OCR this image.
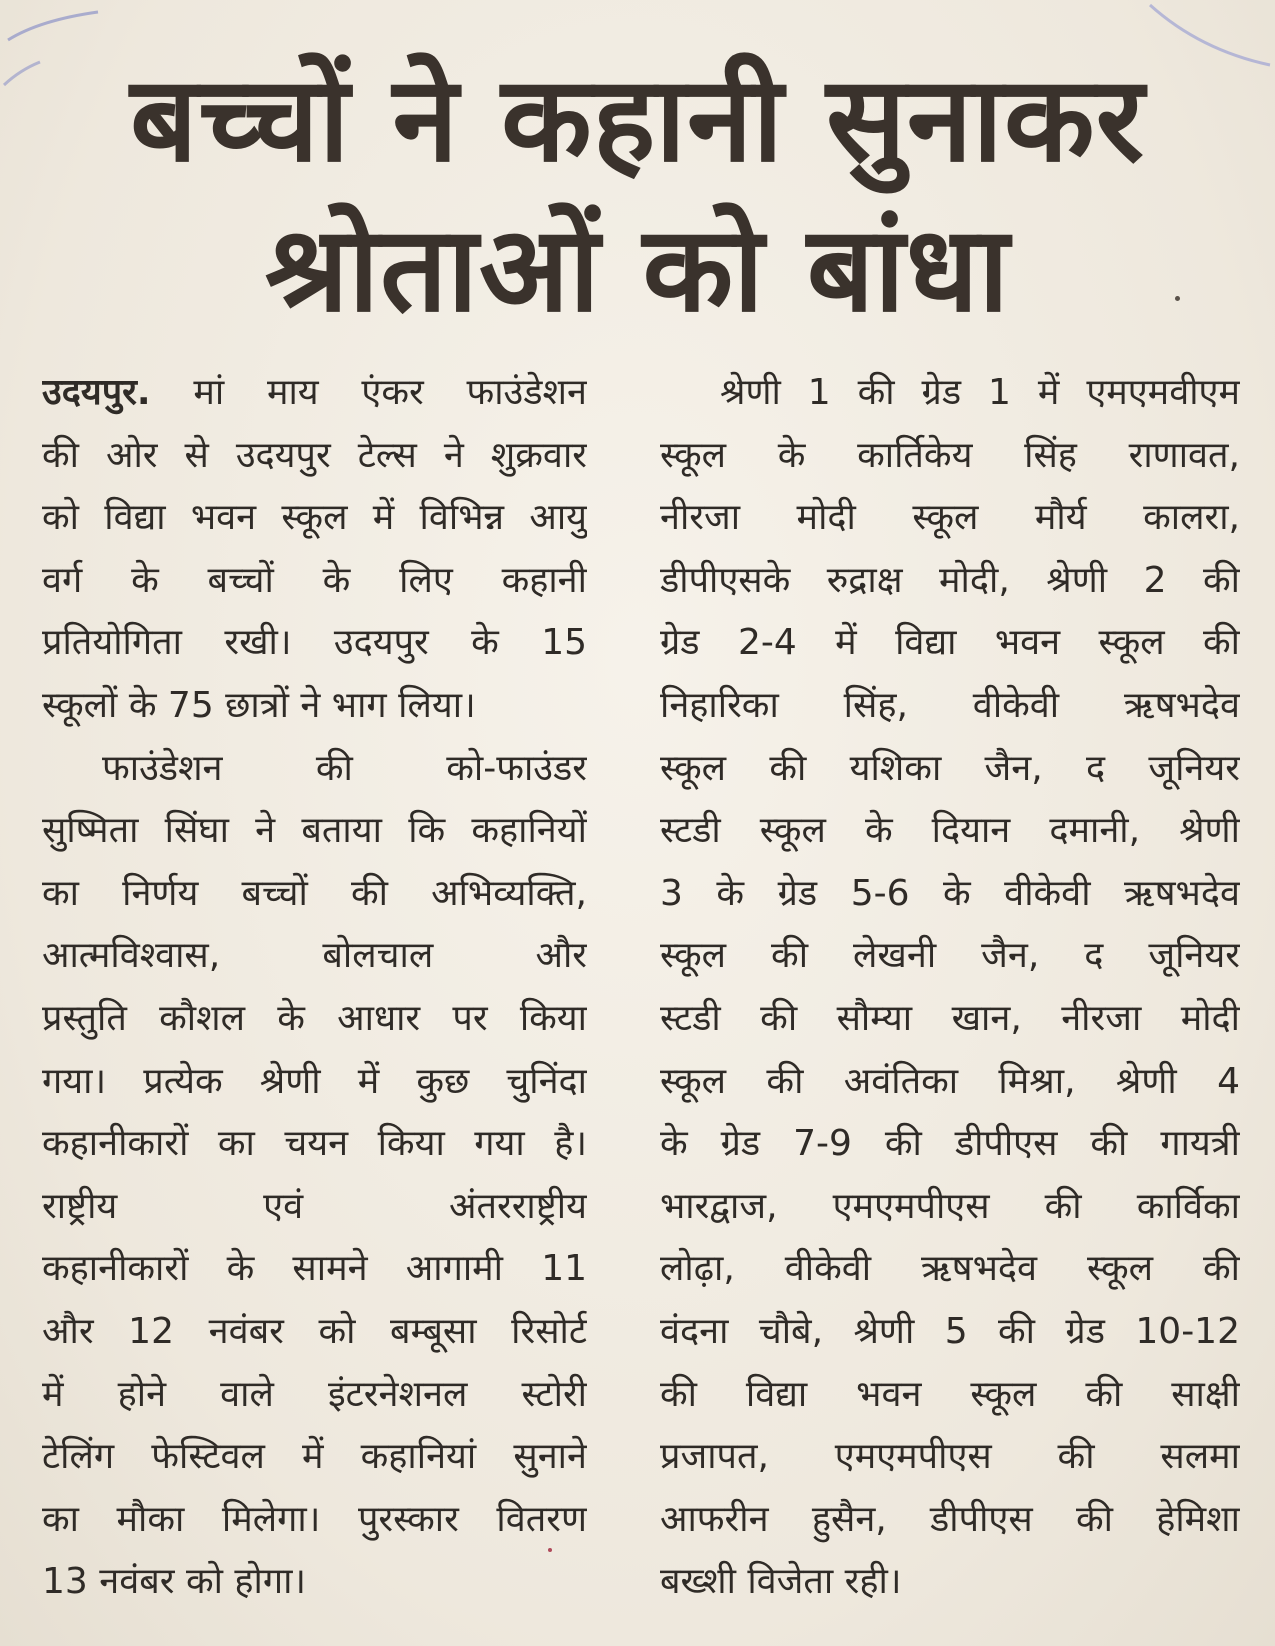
बच्चों ने कहानी सुनाकर
श्रोताओं को बांधा
उदयपुर. मां माय एंकर फाउंडेशन
की ओर से उदयपुर टेल्स ने शुक्रवार
को विद्या भवन स्कूल में विभिन्न आयु
वर्ग के बच्चों के लिए कहानी
प्रतियोगिता रखी। उदयपुर के 15
स्कूलों के 75 छात्रों ने भाग लिया।
फाउंडेशन की को-फाउंडर
सुष्मिता सिंघा ने बताया कि कहानियों
का निर्णय बच्चों की अभिव्यक्ति,
आत्मविश्वास, बोलचाल और
प्रस्तुति कौशल के आधार पर किया
गया। प्रत्येक श्रेणी में कुछ चुनिंदा
कहानीकारों का चयन किया गया है।
राष्ट्रीय एवं अंतरराष्ट्रीय
कहानीकारों के सामने आगामी 11
और 12 नवंबर को बम्बूसा रिसोर्ट
में होने वाले इंटरनेशनल स्टोरी
टेलिंग फेस्टिवल में कहानियां सुनाने
का मौका मिलेगा। पुरस्कार वितरण
13 नवंबर को होगा।
श्रेणी 1 की ग्रेड 1 में एमएमवीएम
स्कूल के कार्तिकेय सिंह राणावत,
नीरजा मोदी स्कूल मौर्य कालरा,
डीपीएसके रुद्राक्ष मोदी, श्रेणी 2 की
ग्रेड 2-4 में विद्या भवन स्कूल की
निहारिका सिंह, वीकेवी ऋषभदेव
स्कूल की यशिका जैन, द जूनियर
स्टडी स्कूल के दियान दमानी, श्रेणी
3 के ग्रेड 5-6 के वीकेवी ऋषभदेव
स्कूल की लेखनी जैन, द जूनियर
स्टडी की सौम्या खान, नीरजा मोदी
स्कूल की अवंतिका मिश्रा, श्रेणी 4
के ग्रेड 7-9 की डीपीएस की गायत्री
भारद्वाज, एमएमपीएस की कार्विका
लोढ़ा, वीकेवी ऋषभदेव स्कूल की
वंदना चौबे, श्रेणी 5 की ग्रेड 10-12
की विद्या भवन स्कूल की साक्षी
प्रजापत, एमएमपीएस की सलमा
आफरीन हुसैन, डीपीएस की हेमिशा
बख्शी विजेता रही।
